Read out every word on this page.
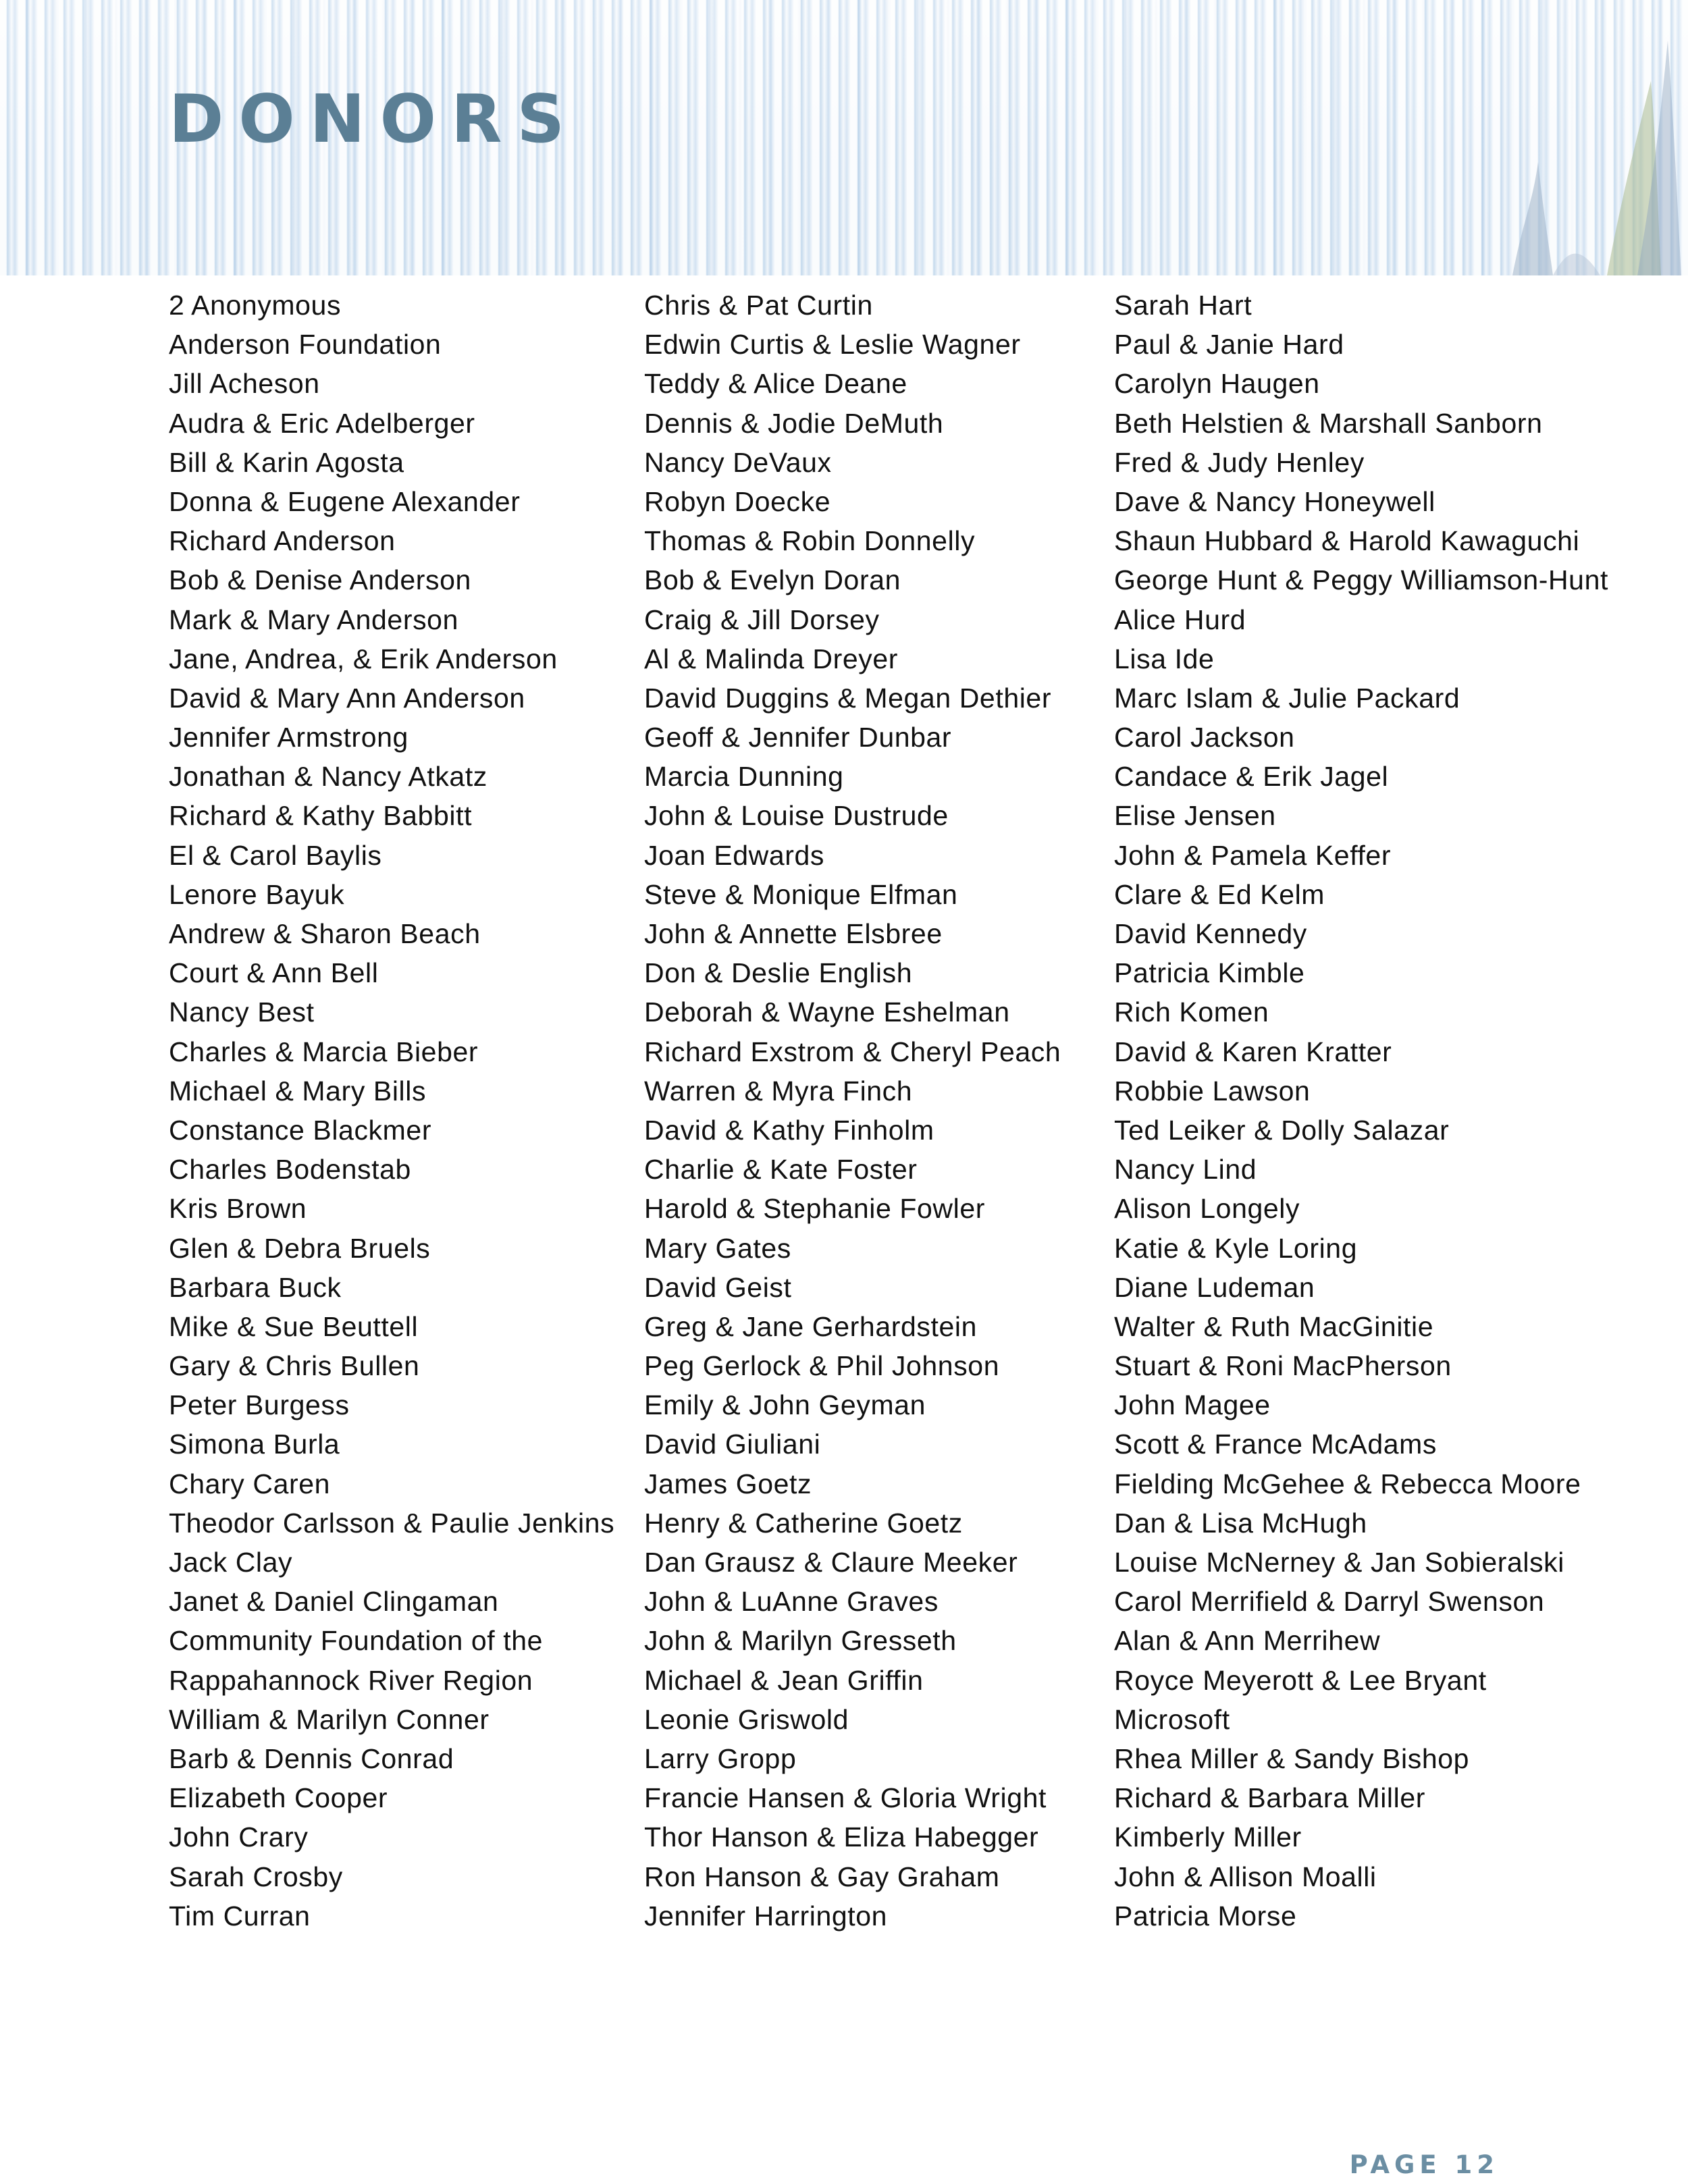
DONORS
2 Anonymous
Anderson Foundation
Jill Acheson
Audra & Eric Adelberger
Bill & Karin Agosta
Donna & Eugene Alexander
Richard Anderson
Bob & Denise Anderson
Mark & Mary Anderson
Jane, Andrea, & Erik Anderson
David & Mary Ann Anderson
Jennifer Armstrong
Jonathan & Nancy Atkatz
Richard & Kathy Babbitt
El & Carol Baylis
Lenore Bayuk
Andrew & Sharon Beach
Court & Ann Bell
Nancy Best
Charles & Marcia Bieber
Michael & Mary Bills
Constance Blackmer
Charles Bodenstab
Kris Brown
Glen & Debra Bruels
Barbara Buck
Mike & Sue Beuttell
Gary & Chris Bullen
Peter Burgess
Simona Burla
Chary Caren
Theodor Carlsson & Paulie Jenkins
Jack Clay
Janet & Daniel Clingaman
Community Foundation of the
Rappahannock River Region
William & Marilyn Conner
Barb & Dennis Conrad
Elizabeth Cooper
John Crary
Sarah Crosby
Tim Curran
Chris & Pat Curtin
Edwin Curtis & Leslie Wagner
Teddy & Alice Deane
Dennis & Jodie DeMuth
Nancy DeVaux
Robyn Doecke
Thomas & Robin Donnelly
Bob & Evelyn Doran
Craig & Jill Dorsey
Al & Malinda Dreyer
David Duggins & Megan Dethier
Geoff & Jennifer Dunbar
Marcia Dunning
John & Louise Dustrude
Joan Edwards
Steve & Monique Elfman
John & Annette Elsbree
Don & Deslie English
Deborah & Wayne Eshelman
Richard Exstrom & Cheryl Peach
Warren & Myra Finch
David & Kathy Finholm
Charlie & Kate Foster
Harold & Stephanie Fowler
Mary Gates
David Geist
Greg & Jane Gerhardstein
Peg Gerlock & Phil Johnson
Emily & John Geyman
David Giuliani
James Goetz
Henry & Catherine Goetz
Dan Grausz & Claure Meeker
John & LuAnne Graves
John & Marilyn Gresseth
Michael & Jean Griffin
Leonie Griswold
Larry Gropp
Francie Hansen & Gloria Wright
Thor Hanson & Eliza Habegger
Ron Hanson & Gay Graham
Jennifer Harrington
Sarah Hart
Paul & Janie Hard
Carolyn Haugen
Beth Helstien & Marshall Sanborn
Fred & Judy Henley
Dave & Nancy Honeywell
Shaun Hubbard & Harold Kawaguchi
George Hunt & Peggy Williamson-Hunt
Alice Hurd
Lisa Ide
Marc Islam & Julie Packard
Carol Jackson
Candace & Erik Jagel
Elise Jensen
John & Pamela Keffer
Clare & Ed Kelm
David Kennedy
Patricia Kimble
Rich Komen
David & Karen Kratter
Robbie Lawson
Ted Leiker & Dolly Salazar
Nancy Lind
Alison Longely
Katie & Kyle Loring
Diane Ludeman
Walter & Ruth MacGinitie
Stuart & Roni MacPherson
John Magee
Scott & France McAdams
Fielding McGehee & Rebecca Moore
Dan & Lisa McHugh
Louise McNerney & Jan Sobieralski
Carol Merrifield & Darryl Swenson
Alan & Ann Merrihew
Royce Meyerott & Lee Bryant
Microsoft
Rhea Miller & Sandy Bishop
Richard & Barbara Miller
Kimberly Miller
John & Allison Moalli
Patricia Morse
PAGE 12
